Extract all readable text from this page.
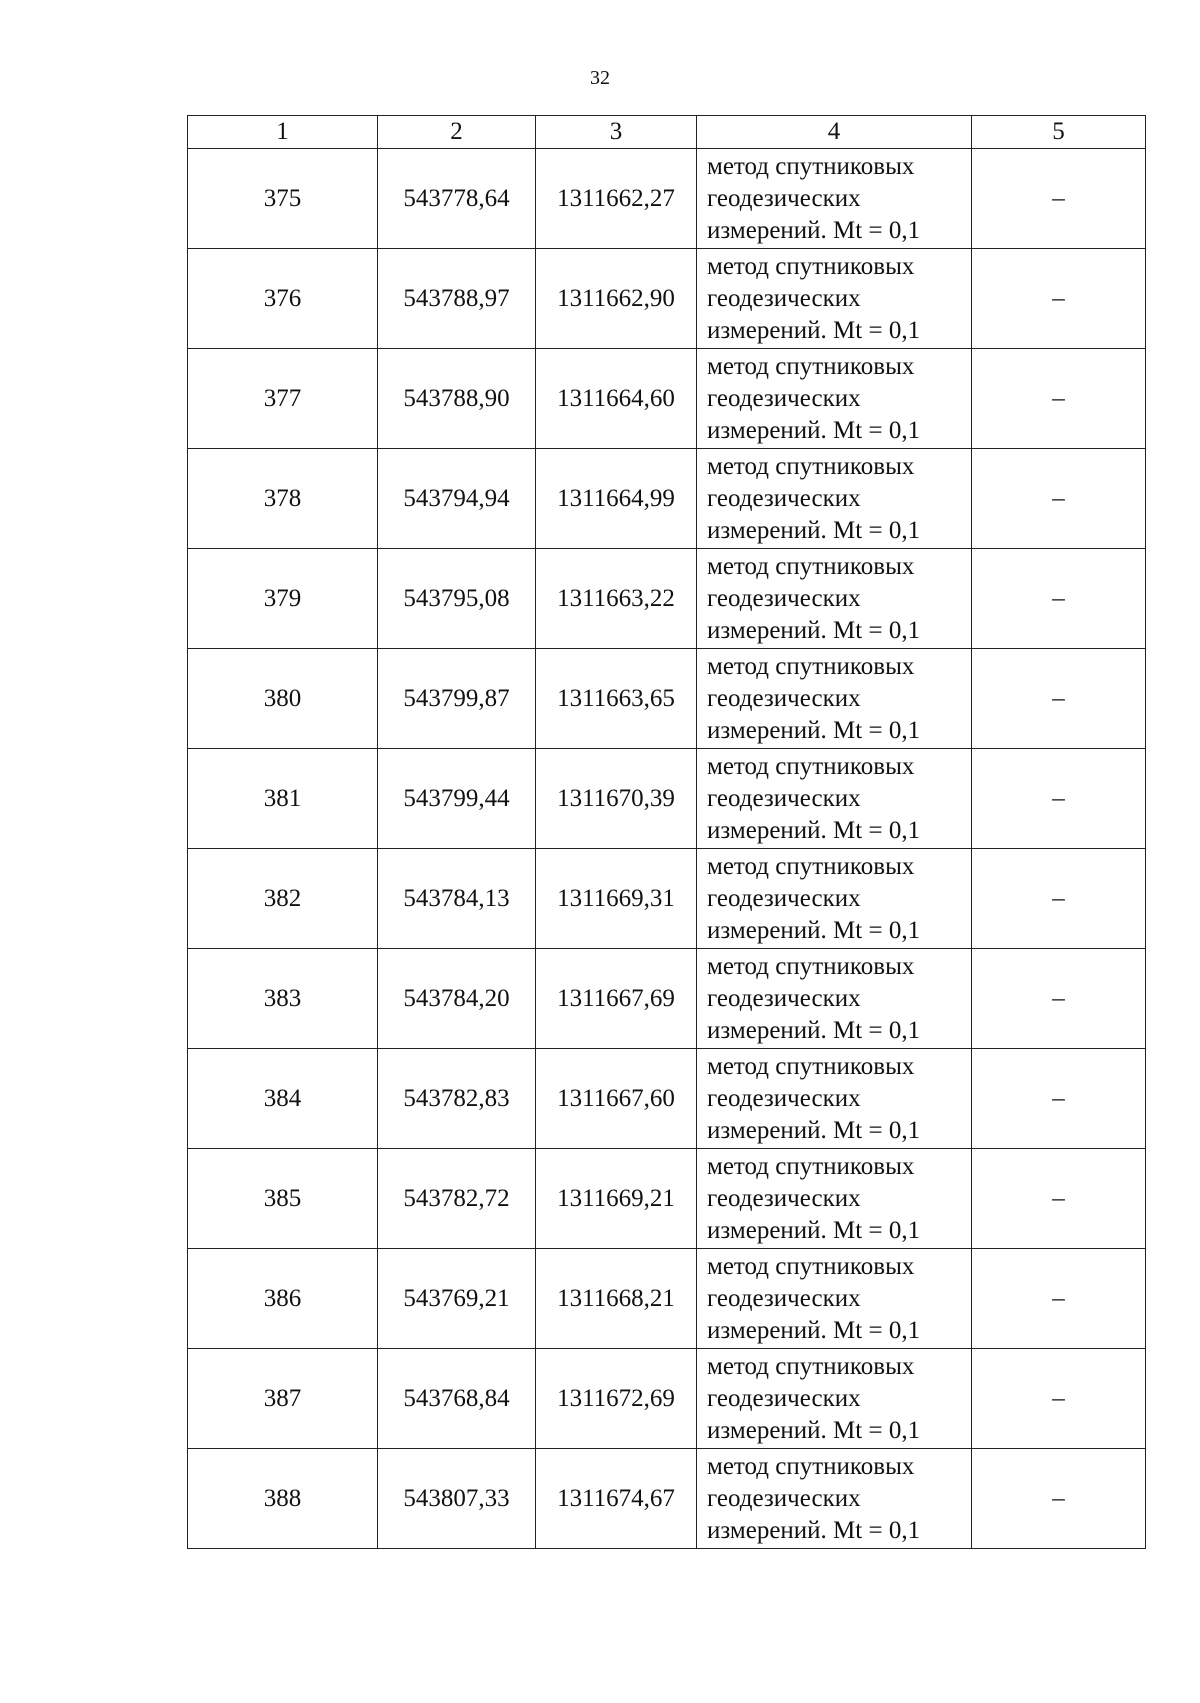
32
1	2	3	4	5
375	543778,64	1311662,27	метод спутниковых
геодезических
измерений. Mt = 0,1	–
376	543788,97	1311662,90	метод спутниковых
геодезических
измерений. Mt = 0,1	–
377	543788,90	1311664,60	метод спутниковых
геодезических
измерений. Mt = 0,1	–
378	543794,94	1311664,99	метод спутниковых
геодезических
измерений. Mt = 0,1	–
379	543795,08	1311663,22	метод спутниковых
геодезических
измерений. Mt = 0,1	–
380	543799,87	1311663,65	метод спутниковых
геодезических
измерений. Mt = 0,1	–
381	543799,44	1311670,39	метод спутниковых
геодезических
измерений. Mt = 0,1	–
382	543784,13	1311669,31	метод спутниковых
геодезических
измерений. Mt = 0,1	–
383	543784,20	1311667,69	метод спутниковых
геодезических
измерений. Mt = 0,1	–
384	543782,83	1311667,60	метод спутниковых
геодезических
измерений. Mt = 0,1	–
385	543782,72	1311669,21	метод спутниковых
геодезических
измерений. Mt = 0,1	–
386	543769,21	1311668,21	метод спутниковых
геодезических
измерений. Mt = 0,1	–
387	543768,84	1311672,69	метод спутниковых
геодезических
измерений. Mt = 0,1	–
388	543807,33	1311674,67	метод спутниковых
геодезических
измерений. Mt = 0,1	–
